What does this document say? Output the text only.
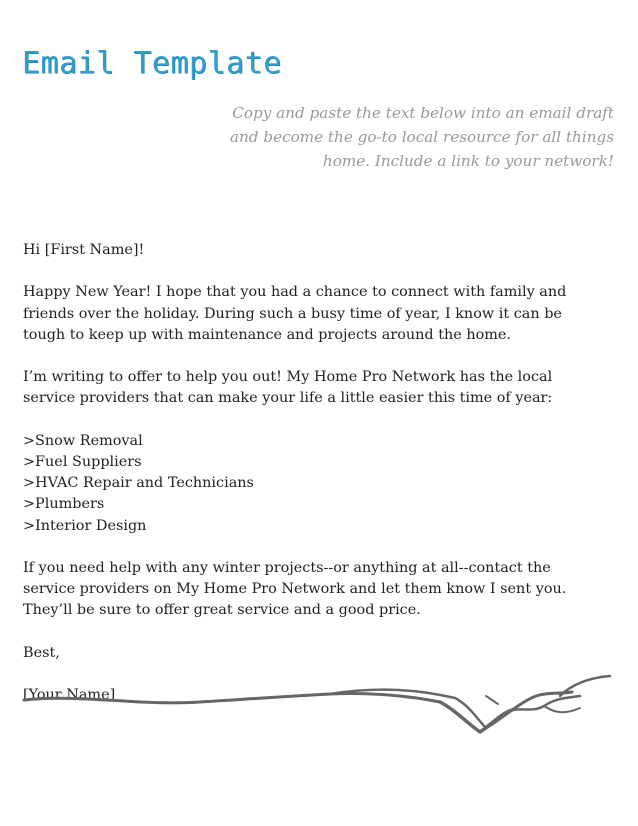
Email Template
Copy and paste the text below into an email draft
and become the go-to local resource for all things
home. Include a link to your network!

Hi [First Name]!

Happy New Year! I hope that you had a chance to connect with family and
friends over the holiday. During such a busy time of year, I know it can be
tough to keep up with maintenance and projects around the home.

I’m writing to offer to help you out! My Home Pro Network has the local
service providers that can make your life a little easier this time of year:

>Snow Removal
>Fuel Suppliers
>HVAC Repair and Technicians
>Plumbers
>Interior Design

If you need help with any winter projects--or anything at all--contact the
service providers on My Home Pro Network and let them know I sent you.
They’ll be sure to offer great service and a good price.

Best,

[Your Name]
